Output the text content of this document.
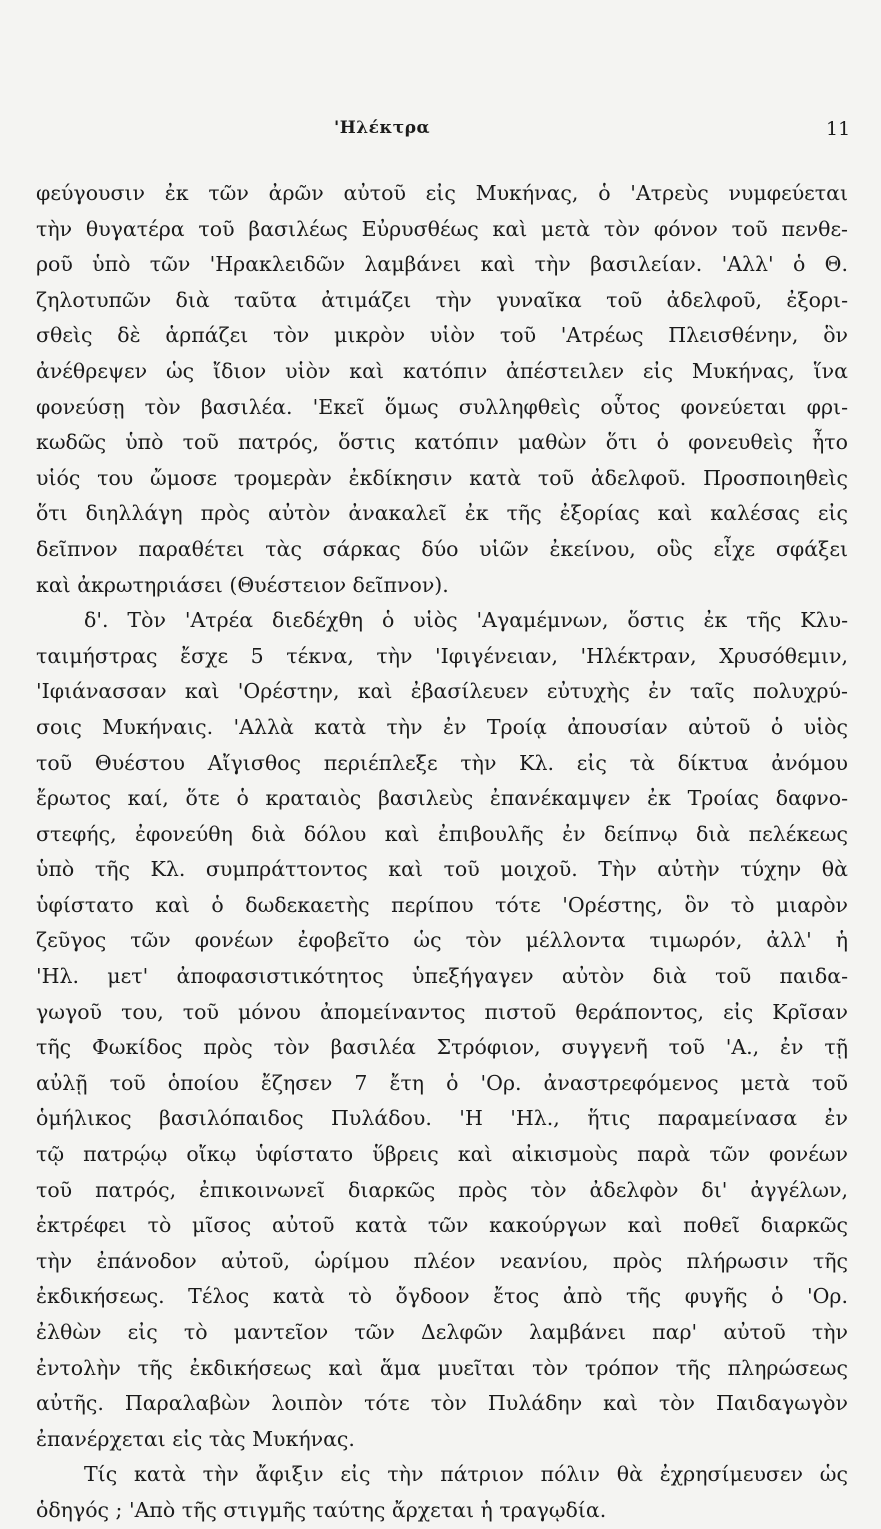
'Ηλέκτρα	11
φεύγουσιν ἐκ τῶν ἀρῶν αὐτοῦ εἰς Μυκήνας, ὁ 'Ατρεὺς νυμφεύεται
τὴν θυγατέρα τοῦ βασιλέως Εὐρυσθέως καὶ μετὰ τὸν φόνον τοῦ πενθε-
ροῦ ὑπὸ τῶν 'Ηρακλειδῶν λαμβάνει καὶ τὴν βασιλείαν. 'Αλλ' ὁ Θ.
ζηλοτυπῶν διὰ ταῦτα ἀτιμάζει τὴν γυναῖκα τοῦ ἀδελφοῦ, ἐξορι-
σθεὶς δὲ ἁρπάζει τὸν μικρὸν υἱὸν τοῦ 'Ατρέως Πλεισθένην, ὃν
ἀνέθρεψεν ὡς ἴδιον υἱὸν καὶ κατόπιν ἀπέστειλεν εἰς Μυκήνας, ἵνα
φονεύσῃ τὸν βασιλέα. 'Εκεῖ ὅμως συλληφθεὶς οὗτος φονεύεται φρι-
κωδῶς ὑπὸ τοῦ πατρός, ὅστις κατόπιν μαθὼν ὅτι ὁ φονευθεὶς ἦτο
υἱός του ὤμοσε τρομερὰν ἐκδίκησιν κατὰ τοῦ ἀδελφοῦ. Προσποιηθεὶς
ὅτι διηλλάγη πρὸς αὐτὸν ἀνακαλεῖ ἐκ τῆς ἐξορίας καὶ καλέσας εἰς
δεῖπνον παραθέτει τὰς σάρκας δύο υἱῶν ἐκείνου, οὓς εἶχε σφάξει
καὶ ἀκρωτηριάσει (Θυέστειον δεῖπνον).
δ'. Τὸν 'Ατρέα διεδέχθη ὁ υἱὸς 'Αγαμέμνων, ὅστις ἐκ τῆς Κλυ-
ταιμήστρας ἔσχε 5 τέκνα, τὴν 'Ιφιγένειαν, 'Ηλέκτραν, Χρυσόθεμιν,
'Ιφιάνασσαν καὶ 'Ορέστην, καὶ ἐβασίλευεν εὐτυχὴς ἐν ταῖς πολυχρύ-
σοις Μυκήναις. 'Αλλὰ κατὰ τὴν ἐν Τροίᾳ ἀπουσίαν αὐτοῦ ὁ υἱὸς
τοῦ Θυέστου Αἴγισθος περιέπλεξε τὴν Κλ. εἰς τὰ δίκτυα ἀνόμου
ἔρωτος καί, ὅτε ὁ κραταιὸς βασιλεὺς ἐπανέκαμψεν ἐκ Τροίας δαφνο-
στεφής, ἐφονεύθη διὰ δόλου καὶ ἐπιβουλῆς ἐν δείπνῳ διὰ πελέκεως
ὑπὸ τῆς Κλ. συμπράττοντος καὶ τοῦ μοιχοῦ. Τὴν αὐτὴν τύχην θὰ
ὑφίστατο καὶ ὁ δωδεκαετὴς περίπου τότε 'Ορέστης, ὃν τὸ μιαρὸν
ζεῦγος τῶν φονέων ἐφοβεῖτο ὡς τὸν μέλλοντα τιμωρόν, ἀλλ' ἡ
'Ηλ. μετ' ἀποφασιστικότητος ὑπεξήγαγεν αὐτὸν διὰ τοῦ παιδα-
γωγοῦ του, τοῦ μόνου ἀπομείναντος πιστοῦ θεράποντος, εἰς Κρῖσαν
τῆς Φωκίδος πρὸς τὸν βασιλέα Στρόφιον, συγγενῆ τοῦ 'Α., ἐν τῇ
αὐλῇ τοῦ ὁποίου ἔζησεν 7 ἔτη ὁ 'Ορ. ἀναστρεφόμενος μετὰ τοῦ
ὁμήλικος βασιλόπαιδος Πυλάδου. 'Η 'Ηλ., ἥτις παραμείνασα ἐν
τῷ πατρῴῳ οἴκῳ ὑφίστατο ὕβρεις καὶ αἰκισμοὺς παρὰ τῶν φονέων
τοῦ πατρός, ἐπικοινωνεῖ διαρκῶς πρὸς τὸν ἀδελφὸν δι' ἀγγέλων,
ἐκτρέφει τὸ μῖσος αὐτοῦ κατὰ τῶν κακούργων καὶ ποθεῖ διαρκῶς
τὴν ἐπάνοδον αὐτοῦ, ὡρίμου πλέον νεανίου, πρὸς πλήρωσιν τῆς
ἐκδικήσεως. Τέλος κατὰ τὸ ὄγδοον ἔτος ἀπὸ τῆς φυγῆς ὁ 'Ορ.
ἐλθὼν εἰς τὸ μαντεῖον τῶν Δελφῶν λαμβάνει παρ' αὐτοῦ τὴν
ἐντολὴν τῆς ἐκδικήσεως καὶ ἅμα μυεῖται τὸν τρόπον τῆς πληρώσεως
αὐτῆς. Παραλαβὼν λοιπὸν τότε τὸν Πυλάδην καὶ τὸν Παιδαγωγὸν
ἐπανέρχεται εἰς τὰς Μυκήνας.
Τίς κατὰ τὴν ἄφιξιν εἰς τὴν πάτριον πόλιν θὰ ἐχρησίμευσεν ὡς
ὁδηγός ; 'Απὸ τῆς στιγμῆς ταύτης ἄρχεται ἡ τραγῳδία.
